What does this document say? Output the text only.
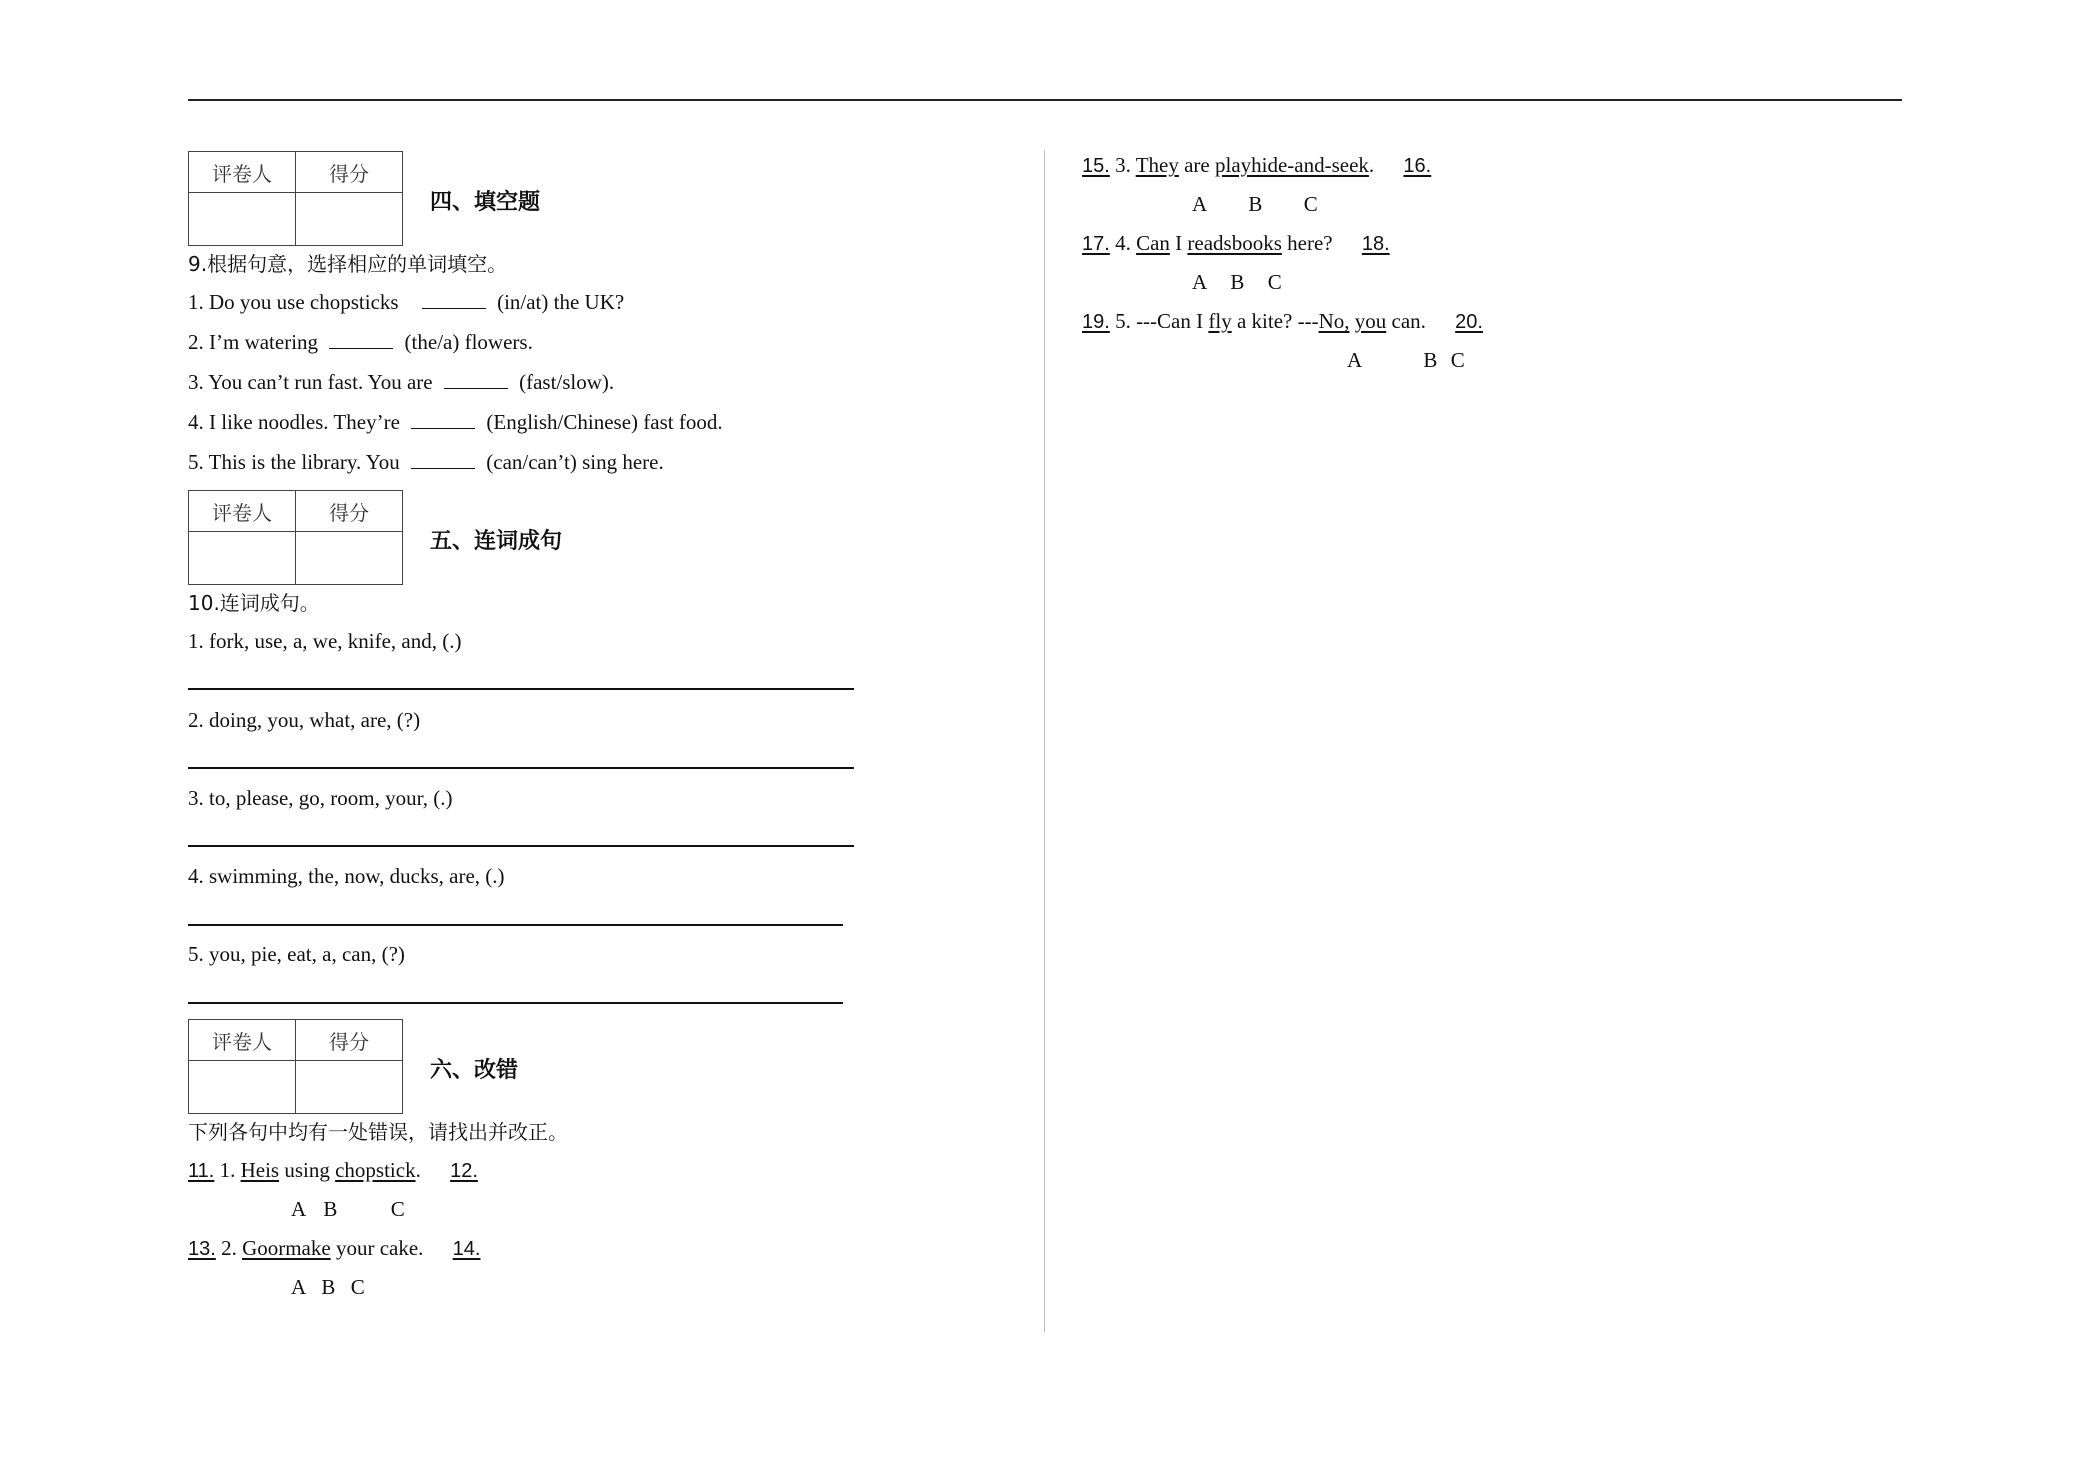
评卷人	得分

四、填空题
9.根据句意，选择相应的单词填空。
1. Do you use chopsticks	(in/at) the UK?
2. I’m watering	(the/a) flowers.
3. You can’t run fast. You are	(fast/slow).
4. I like noodles. They’re	(English/Chinese) fast food.
5. This is the library. You	(can/can’t) sing here.
评卷人	得分

五、连词成句
10.连词成句。
1. fork, use, a, we, knife, and, (.)
2. doing, you, what, are, (?)
3. to, please, go, room, your, (.)
4. swimming, the, now, ducks, are, (.)
5. you, pie, eat, a, can, (?)
评卷人	得分

六、改错
下列各句中均有一处错误，请找出并改正。
11. 1. Heis using chopstick. 12.
A B	C
13. 2. Goormake your cake. 14.
A B C
15. 3. They are playhide-and-seek. 16.
A B C
17. 4. Can I readsbooks here? 18.
A B C
19. 5. ---Can I fly a kite? ---No, you can. 20.
A	B C
